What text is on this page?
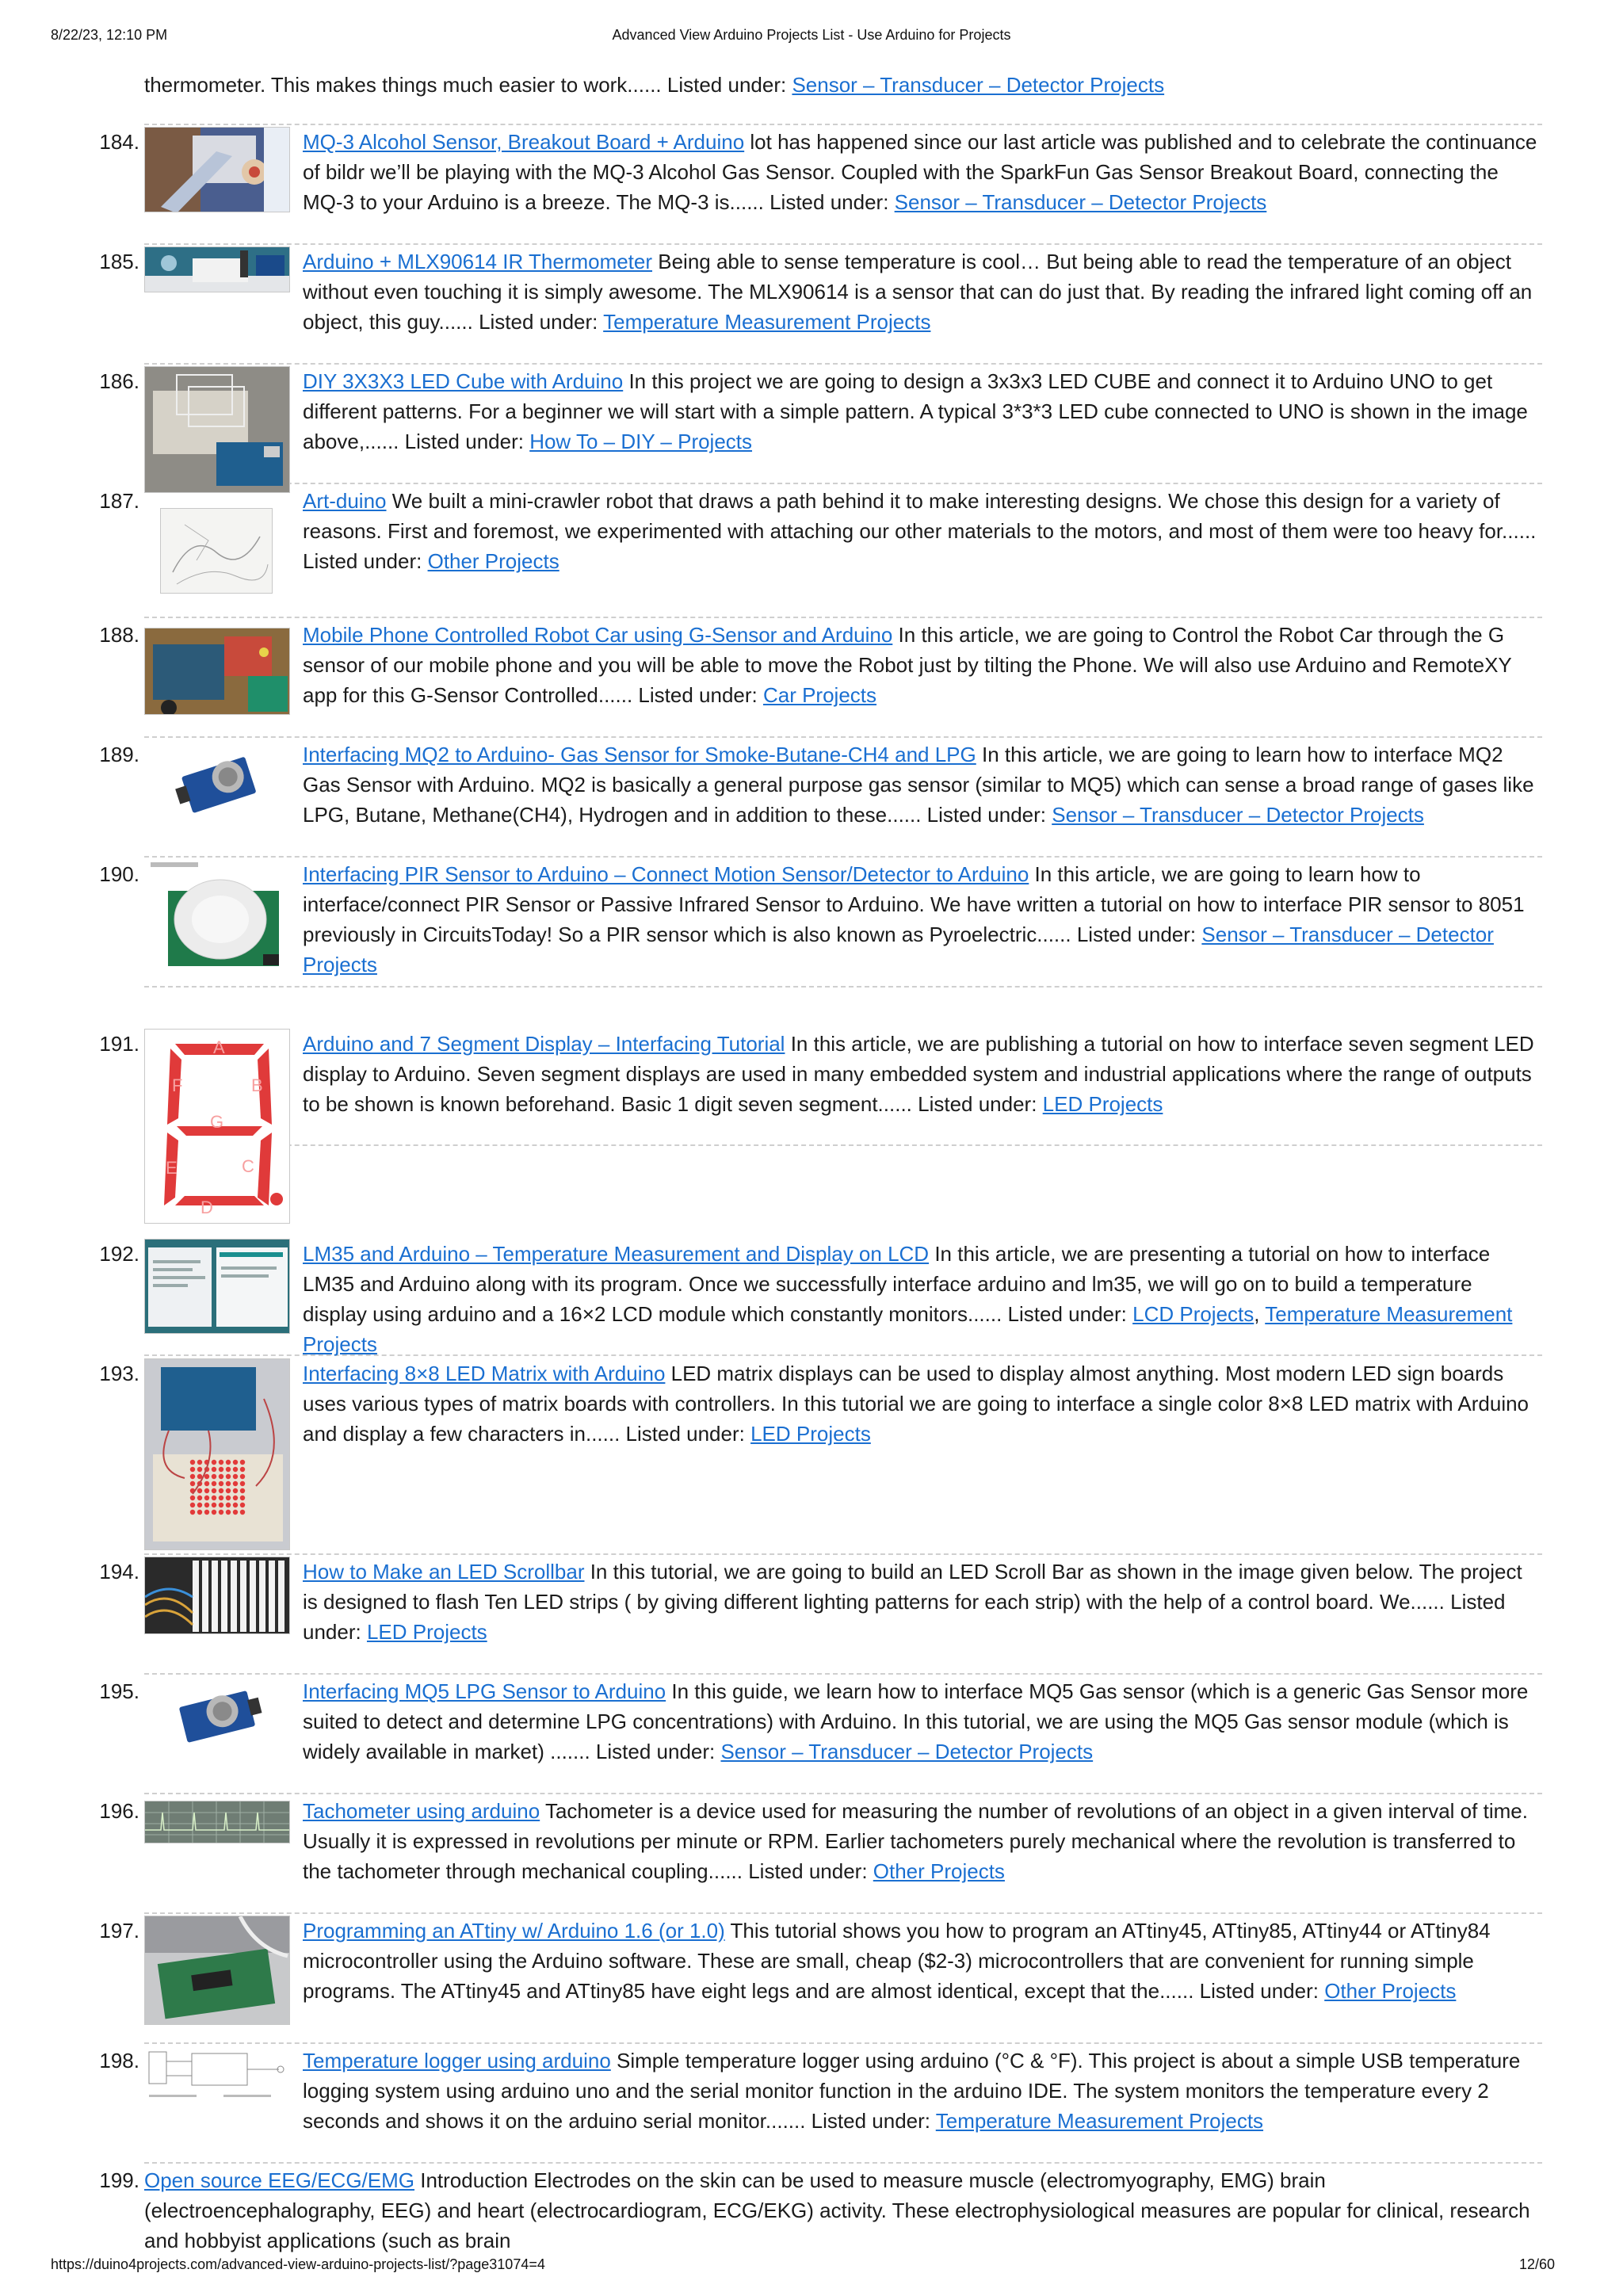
8/22/23, 12:10 PM	Advanced View Arduino Projects List - Use Arduino for Projects
thermometer. This makes things much easier to work...... Listed under: Sensor – Transducer – Detector Projects
184.	MQ-3 Alcohol Sensor, Breakout Board + Arduino lot has happened since our last article was published and to celebrate the continuance of bildr we’ll be playing with the MQ-3 Alcohol Gas Sensor. Coupled with the SparkFun Gas Sensor Breakout Board, connecting the MQ-3 to your Arduino is a breeze. The MQ-3 is...... Listed under: Sensor – Transducer – Detector Projects
185.	Arduino + MLX90614 IR Thermometer Being able to sense temperature is cool… But being able to read the temperature of an object without even touching it is simply awesome. The MLX90614 is a sensor that can do just that. By reading the infrared light coming off an object, this guy...... Listed under: Temperature Measurement Projects
186.	DIY 3X3X3 LED Cube with Arduino In this project we are going to design a 3x3x3 LED CUBE and connect it to Arduino UNO to get different patterns. For a beginner we will start with a simple pattern. A typical 3*3*3 LED cube connected to UNO is shown in the image above,...... Listed under: How To – DIY – Projects
187.	Art-duino We built a mini-crawler robot that draws a path behind it to make interesting designs. We chose this design for a variety of reasons. First and foremost, we experimented with attaching our other materials to the motors, and most of them were too heavy for...... Listed under: Other Projects
188.	Mobile Phone Controlled Robot Car using G-Sensor and Arduino In this article, we are going to Control the Robot Car through the G sensor of our mobile phone and you will be able to move the Robot just by tilting the Phone. We will also use Arduino and RemoteXY app for this G-Sensor Controlled...... Listed under: Car Projects
189.	Interfacing MQ2 to Arduino- Gas Sensor for Smoke-Butane-CH4 and LPG In this article, we are going to learn how to interface MQ2 Gas Sensor with Arduino. MQ2 is basically a general purpose gas sensor (similar to MQ5) which can sense a broad range of gases like LPG, Butane, Methane(CH4), Hydrogen and in addition to these...... Listed under: Sensor – Transducer – Detector Projects
190.	Interfacing PIR Sensor to Arduino – Connect Motion Sensor/Detector to Arduino In this article, we are going to learn how to interface/connect PIR Sensor or Passive Infrared Sensor to Arduino. We have written a tutorial on how to interface PIR sensor to 8051 previously in CircuitsToday! So a PIR sensor which is also known as Pyroelectric...... Listed under: Sensor – Transducer – Detector Projects
191.	A
B
C
D
E
F
G
Arduino and 7 Segment Display – Interfacing Tutorial In this article, we are publishing a tutorial on how to interface seven segment LED display to Arduino. Seven segment displays are used in many embedded system and industrial applications where the range of outputs to be shown is known beforehand. Basic 1 digit seven segment...... Listed under: LED Projects
192.	LM35 and Arduino – Temperature Measurement and Display on LCD In this article, we are presenting a tutorial on how to interface LM35 and Arduino along with its program. Once we successfully interface arduino and lm35, we will go on to build a temperature display using arduino and a 16×2 LCD module which constantly monitors...... Listed under: LCD Projects, Temperature Measurement Projects
193.	Interfacing 8×8 LED Matrix with Arduino LED matrix displays can be used to display almost anything. Most modern LED sign boards uses various types of matrix boards with controllers. In this tutorial we are going to interface a single color 8×8 LED matrix with Arduino and display a few characters in...... Listed under: LED Projects
194.	How to Make an LED Scrollbar In this tutorial, we are going to build an LED Scroll Bar as shown in the image given below. The project is designed to flash Ten LED strips ( by giving different lighting patterns for each strip) with the help of a control board. We...... Listed under: LED Projects
195.	Interfacing MQ5 LPG Sensor to Arduino In this guide, we learn how to interface MQ5 Gas sensor (which is a generic Gas Sensor more suited to detect and determine LPG concentrations) with Arduino. In this tutorial, we are using the MQ5 Gas sensor module (which is widely available in market) ....... Listed under: Sensor – Transducer – Detector Projects
196.	Tachometer using arduino Tachometer is a device used for measuring the number of revolutions of an object in a given interval of time. Usually it is expressed in revolutions per minute or RPM. Earlier tachometers purely mechanical where the revolution is transferred to the tachometer through mechanical coupling...... Listed under: Other Projects
197.	Programming an ATtiny w/ Arduino 1.6 (or 1.0) This tutorial shows you how to program an ATtiny45, ATtiny85, ATtiny44 or ATtiny84 microcontroller using the Arduino software. These are small, cheap ($2-3) microcontrollers that are convenient for running simple programs. The ATtiny45 and ATtiny85 have eight legs and are almost identical, except that the...... Listed under: Other Projects
198.	Temperature logger using arduino Simple temperature logger using arduino (°C & °F). This project is about a simple USB temperature logging system using arduino uno and the serial monitor function in the arduino IDE. The system monitors the temperature every 2 seconds and shows it on the arduino serial monitor....... Listed under: Temperature Measurement Projects
199. Open source EEG/ECG/EMG Introduction Electrodes on the skin can be used to measure muscle (electromyography, EMG) brain (electroencephalography, EEG) and heart (electrocardiogram, ECG/EKG) activity. These electrophysiological measures are popular for clinical, research and hobbyist applications (such as brain
https://duino4projects.com/advanced-view-arduino-projects-list/?page31074=4	12/60
